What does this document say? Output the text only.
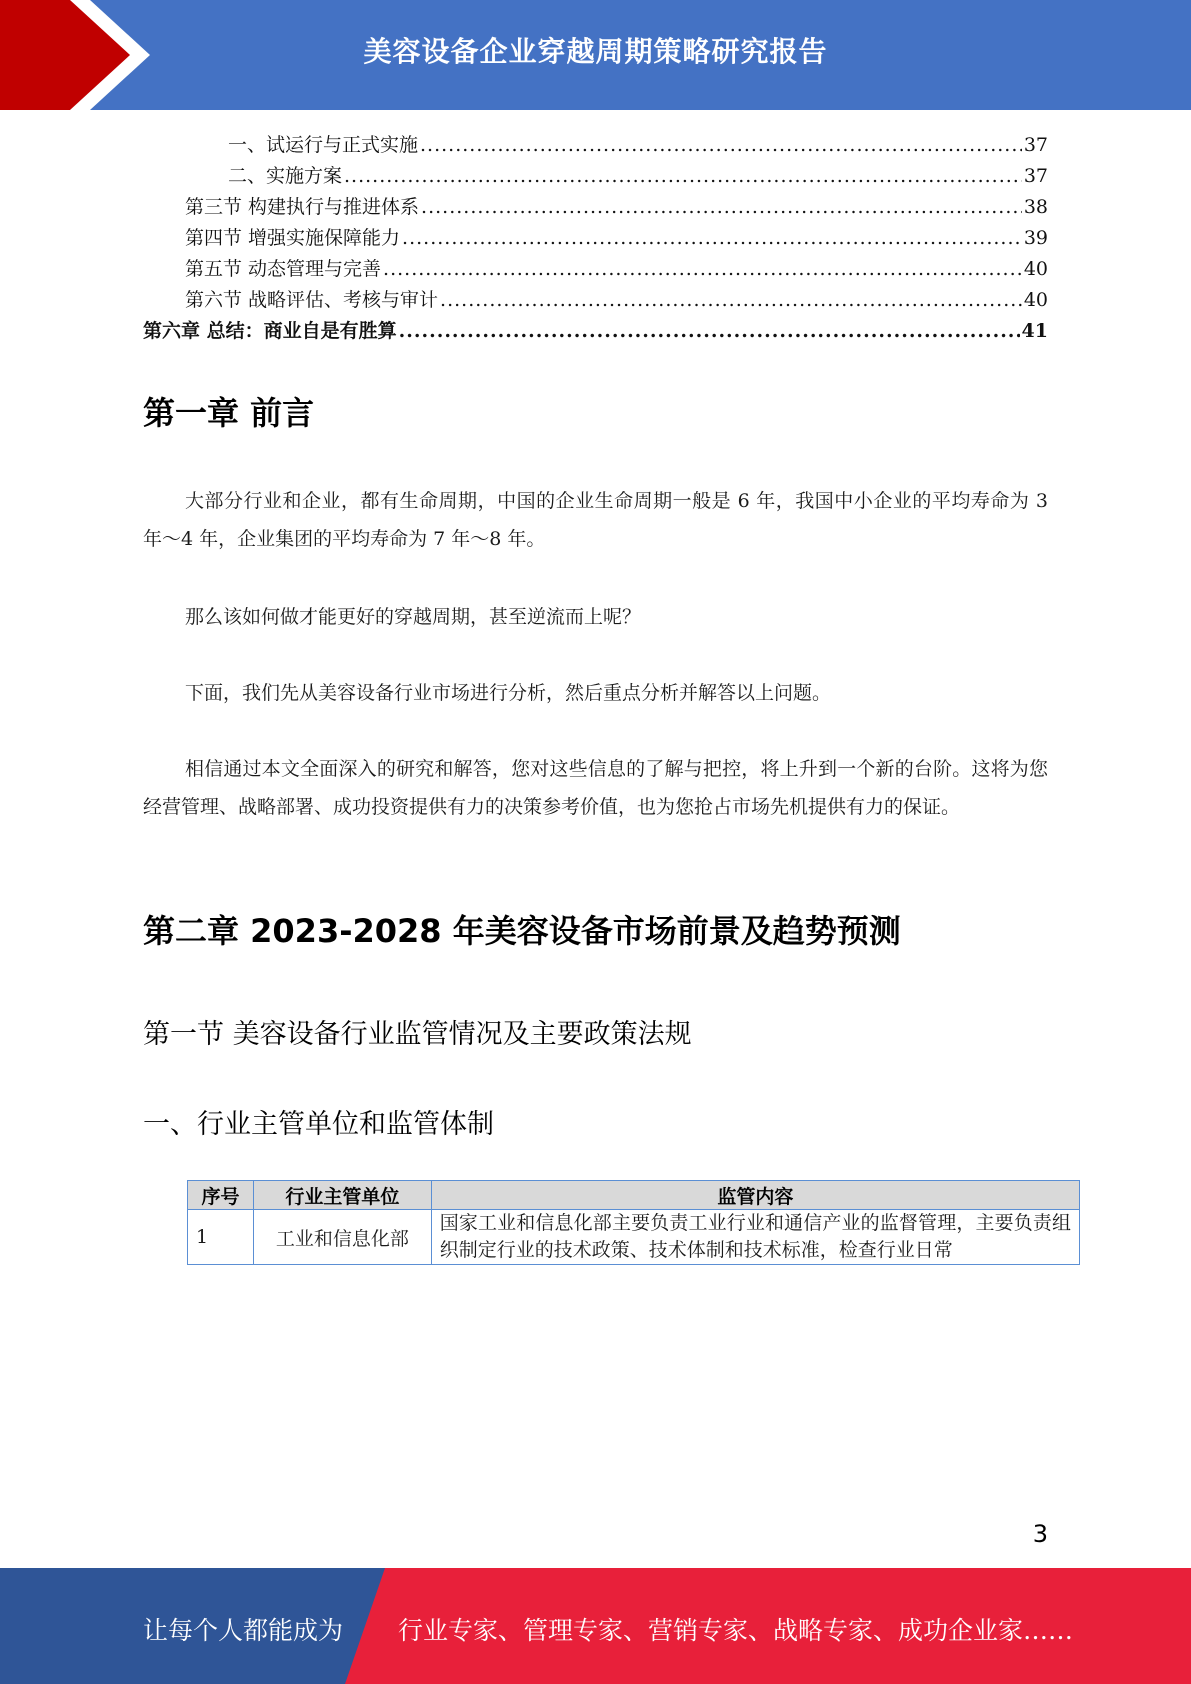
美容设备企业穿越周期策略研究报告
一、试运行与正式实施 .....	37
二、实施方案 .....	37
第三节 构建执行与推进体系 .....	38
第四节 增强实施保障能力 .....	39
第五节 动态管理与完善 .....	40
第六节 战略评估、考核与审计 .....	40
第六章 总结：商业自是有胜算 .....	41
第一章 前言
大部分行业和企业，都有生命周期，中国的企业生命周期一般是 6 年，我国中小企业的平均寿命为 3 年～4 年，企业集团的平均寿命为 7 年～8 年。
那么该如何做才能更好的穿越周期，甚至逆流而上呢？
下面，我们先从美容设备行业市场进行分析，然后重点分析并解答以上问题。
相信通过本文全面深入的研究和解答，您对这些信息的了解与把控，将上升到一个新的台阶。这将为您经营管理、战略部署、成功投资提供有力的决策参考价值，也为您抢占市场先机提供有力的保证。
第二章 2023-2028 年美容设备市场前景及趋势预测
第一节 美容设备行业监管情况及主要政策法规
一、行业主管单位和监管体制
序号	行业主管单位	监管内容
1	工业和信息化部	国家工业和信息化部主要负责工业行业和通信产业的监督管理，主要负责组织制定行业的技术政策、技术体制和技术标准，检查行业日常
3
让每个人都能成为 行业专家、管理专家、营销专家、战略专家、成功企业家……
